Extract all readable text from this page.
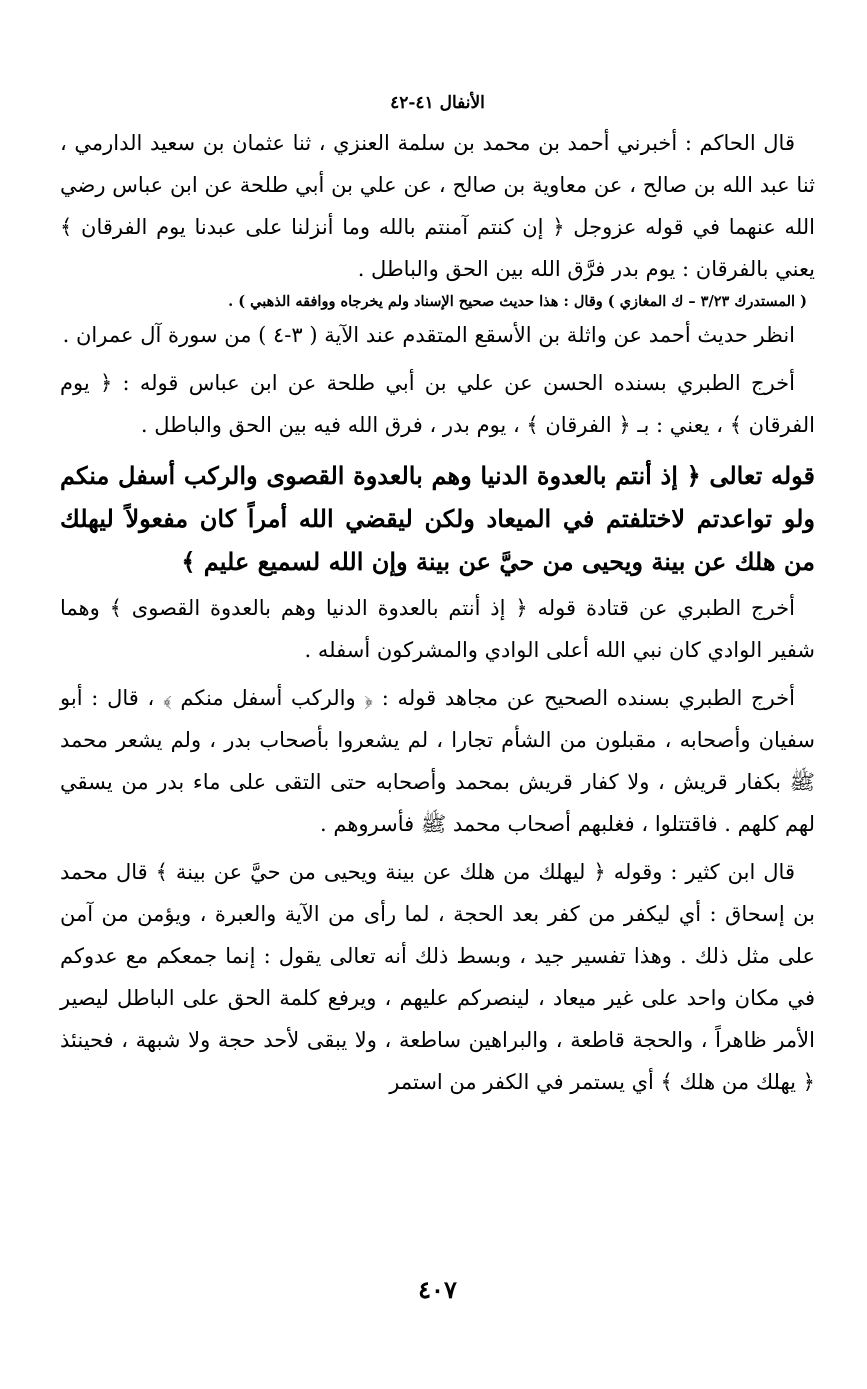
الأنفال ٤١-٤٢

قال الحاكم : أخبرني أحمد بن محمد بن سلمة العنزي ، ثنا عثمان بن سعيد الدارمي ، ثنا عبد الله بن صالح ، عن معاوية بن صالح ، عن علي بن أبي طلحة عن ابن عباس رضي الله عنهما في قوله عزوجل ﴿ إن كنتم آمنتم بالله وما أنزلنا على عبدنا يوم الفرقان ﴾ يعني بالفرقان : يوم بدر فرَّق الله بين الحق والباطل .

( المستدرك ٣/٢٣ – ك المغازي ) وقال : هذا حديث صحيح الإسناد ولم يخرجاه ووافقه الذهبي ) .

انظر حديث أحمد عن واثلة بن الأسقع المتقدم عند الآية ( ٣-٤ ) من سورة آل عمران .

أخرج الطبري بسنده الحسن عن علي بن أبي طلحة عن ابن عباس قوله : ﴿ يوم الفرقان ﴾ ، يعني : بـ ﴿ الفرقان ﴾ ، يوم بدر ، فرق الله فيه بين الحق والباطل .

قوله تعالى ﴿ إذ أنتم بالعدوة الدنيا وهم بالعدوة القصوى والركب أسفل منكم ولو تواعدتم لاختلفتم في الميعاد ولكن ليقضي الله أمراً كان مفعولاً ليهلك من هلك عن بينة ويحيى من حيَّ عن بينة وإن الله لسميع عليم ﴾

أخرج الطبري عن قتادة قوله ﴿ إذ أنتم بالعدوة الدنيا وهم بالعدوة القصوى ﴾ وهما شفير الوادي كان نبي الله أعلى الوادي والمشركون أسفله .

أخرج الطبري بسنده الصحيح عن مجاهد قوله : ﴿ والركب أسفل منكم ﴾ ، قال : أبو سفيان وأصحابه ، مقبلون من الشأم تجارا ، لم يشعروا بأصحاب بدر ، ولم يشعر محمد ﷺ بكفار قريش ، ولا كفار قريش بمحمد وأصحابه حتى التقى على ماء بدر من يسقي لهم كلهم . فاقتتلوا ، فغلبهم أصحاب محمد ﷺ فأسروهم .

قال ابن كثير : وقوله ﴿ ليهلك من هلك عن بينة ويحيى من حيَّ عن بينة ﴾ قال محمد بن إسحاق : أي ليكفر من كفر بعد الحجة ، لما رأى من الآية والعبرة ، ويؤمن من آمن على مثل ذلك . وهذا تفسير جيد ، وبسط ذلك أنه تعالى يقول : إنما جمعكم مع عدوكم في مكان واحد على غير ميعاد ، لينصركم عليهم ، ويرفع كلمة الحق على الباطل ليصير الأمر ظاهراً ، والحجة قاطعة ، والبراهين ساطعة ، ولا يبقى لأحد حجة ولا شبهة ، فحينئذ ﴿ يهلك من هلك ﴾ أي يستمر في الكفر من استمر

٤٠٧
